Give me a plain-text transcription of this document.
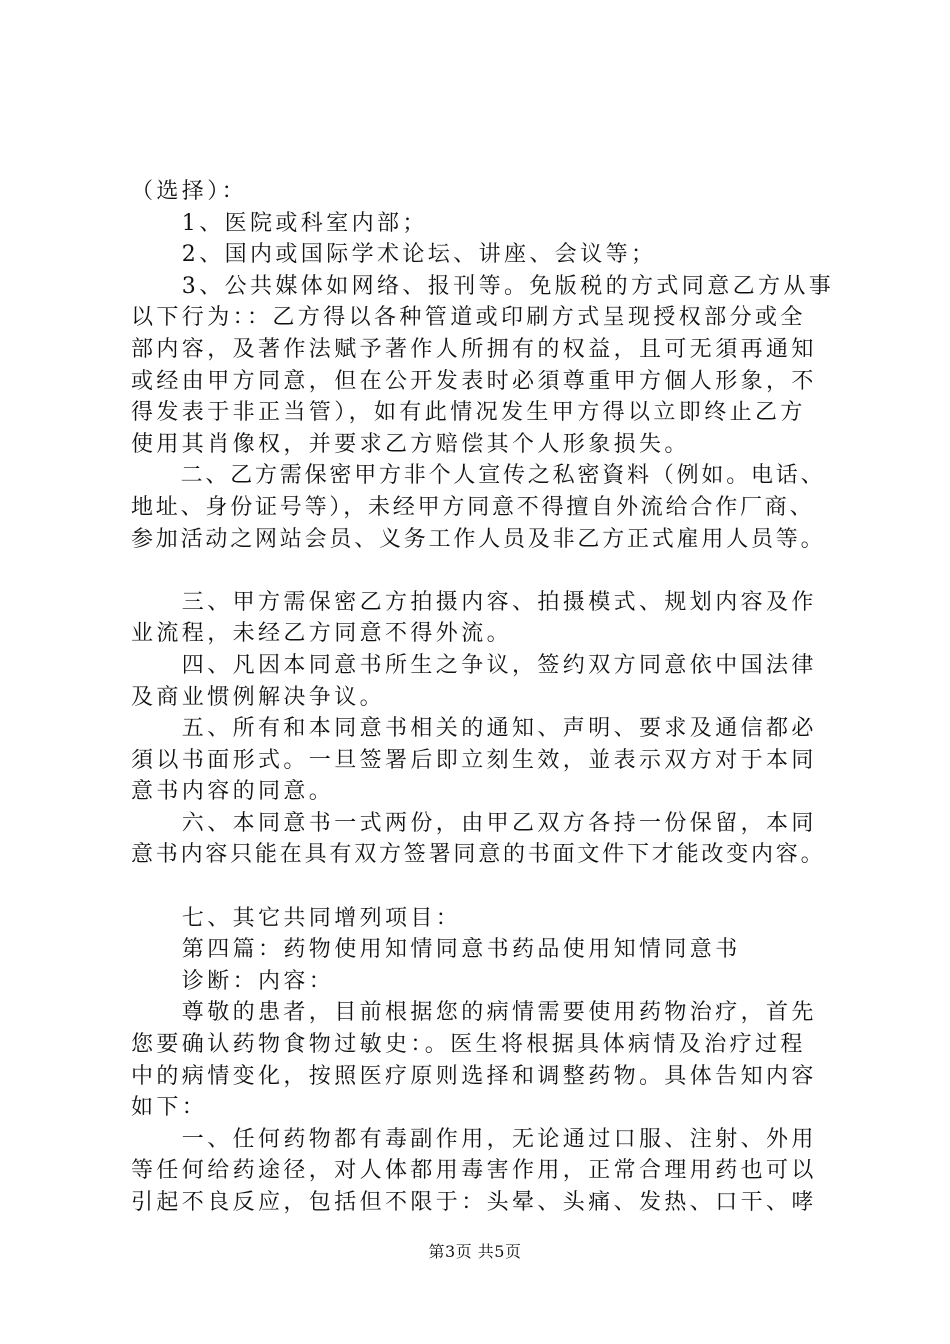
（选择）：
　　1、医院或科室内部；
　　2、国内或国际学术论坛、讲座、会议等；
　　3、公共媒体如网络、报刊等。免版税的方式同意乙方从事
以下行为：：乙方得以各种管道或印刷方式呈现授权部分或全
部内容，及著作法赋予著作人所拥有的权益，且可无須再通知
或经由甲方同意，但在公开发表时必須尊重甲方個人形象，不
得发表于非正当管），如有此情况发生甲方得以立即终止乙方
使用其肖像权，并要求乙方赔偿其个人形象损失。
　　二、乙方需保密甲方非个人宣传之私密資料（例如。电话、
地址、身份证号等），未经甲方同意不得擅自外流给合作厂商、
参加活动之网站会员、义务工作人员及非乙方正式雇用人员等。
　　三、甲方需保密乙方拍摄内容、拍摄模式、规划内容及作
业流程，未经乙方同意不得外流。
　　四、凡因本同意书所生之争议，签约双方同意依中国法律
及商业惯例解决争议。
　　五、所有和本同意书相关的通知、声明、要求及通信都必
須以书面形式。一旦签署后即立刻生效，並表示双方对于本同
意书内容的同意。
　　六、本同意书一式两份，由甲乙双方各持一份保留，本同
意书内容只能在具有双方签署同意的书面文件下才能改变内容。
　　七、其它共同增列项目：
　　第四篇：药物使用知情同意书药品使用知情同意书
　　诊断：内容：
　　尊敬的患者，目前根据您的病情需要使用药物治疗，首先
您要确认药物食物过敏史：。医生将根据具体病情及治疗过程
中的病情变化，按照医疗原则选择和调整药物。具体告知内容
如下：
　　一、任何药物都有毒副作用，无论通过口服、注射、外用
等任何给药途径，对人体都用毒害作用，正常合理用药也可以
引起不良反应，包括但不限于：头晕、头痛、发热、口干、哮
第3页 共5页
